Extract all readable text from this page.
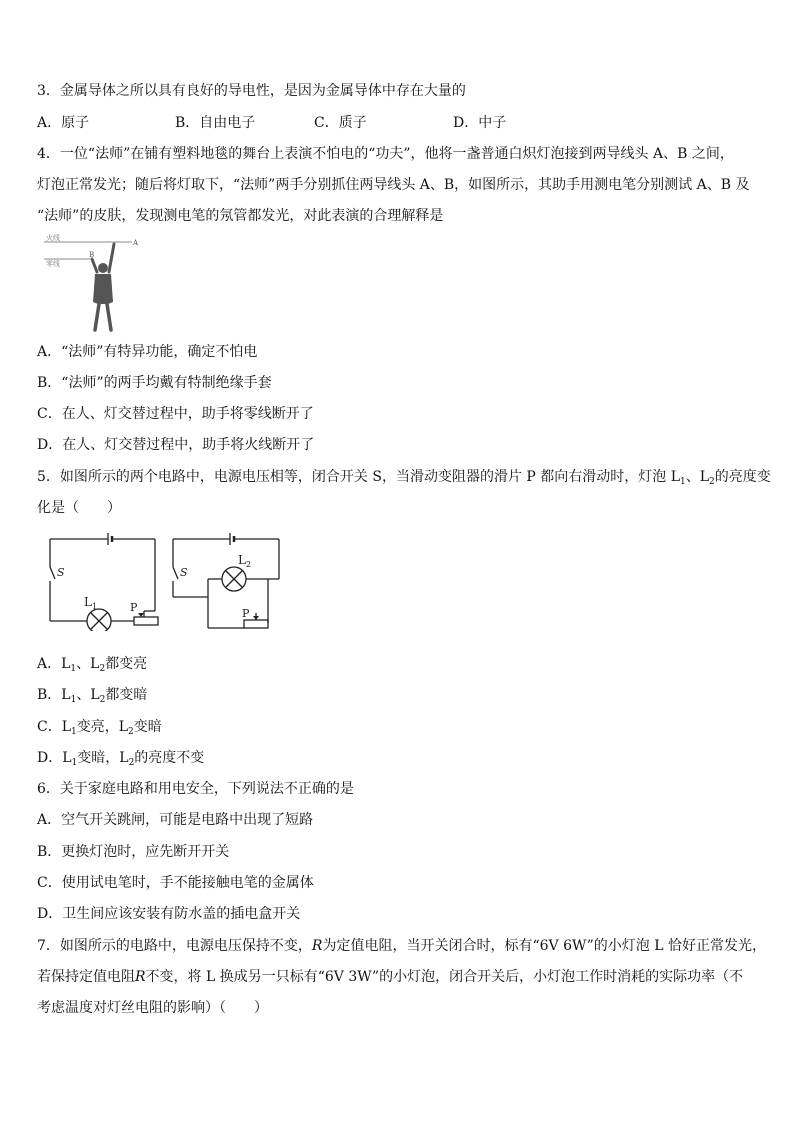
3．金属导体之所以具有良好的导电性，是因为金属导体中存在大量的
A．原子	B．自由电子	C．质子	D．中子
4．一位“法师”在铺有塑料地毯的舞台上表演不怕电的“功夫”，他将一盏普通白炽灯泡接到两导线头 A、B 之间，
灯泡正常发光；随后将灯取下，“法师”两手分别抓住两导线头 A、B，如图所示，其助手用测电笔分别测试 A、B 及
“法师”的皮肤，发现测电笔的氖管都发光，对此表演的合理解释是
火线
零线
A
B
A．“法师”有特异功能，确定不怕电
B．“法师”的两手均戴有特制绝缘手套
C．在人、灯交替过程中，助手将零线断开了
D．在人、灯交替过程中，助手将火线断开了
5．如图所示的两个电路中，电源电压相等，闭合开关 S，当滑动变阻器的滑片 P 都向右滑动时，灯泡 $L_1$、$L_2$的亮度变
化是（　　）
S	S
L 1
L 2
P	P
A．$L_1$、$L_2$都变亮
B．$L_1$、$L_2$都变暗
C．$L_1$变亮，$L_2$变暗
D．$L_1$变暗，$L_2$的亮度不变
6．关于家庭电路和用电安全，下列说法不正确的是
A．空气开关跳闸，可能是电路中出现了短路
B．更换灯泡时，应先断开开关
C．使用试电笔时，手不能接触电笔的金属体
D．卫生间应该安装有防水盖的插电盒开关
7．如图所示的电路中，电源电压保持不变，R为定值电阻，当开关闭合时，标有“6V 6W”的小灯泡 L 恰好正常发光，
若保持定值电阻R不变，将 L 换成另一只标有“6V 3W”的小灯泡，闭合开关后，小灯泡工作时消耗的实际功率（不
考虑温度对灯丝电阻的影响）（　　）
